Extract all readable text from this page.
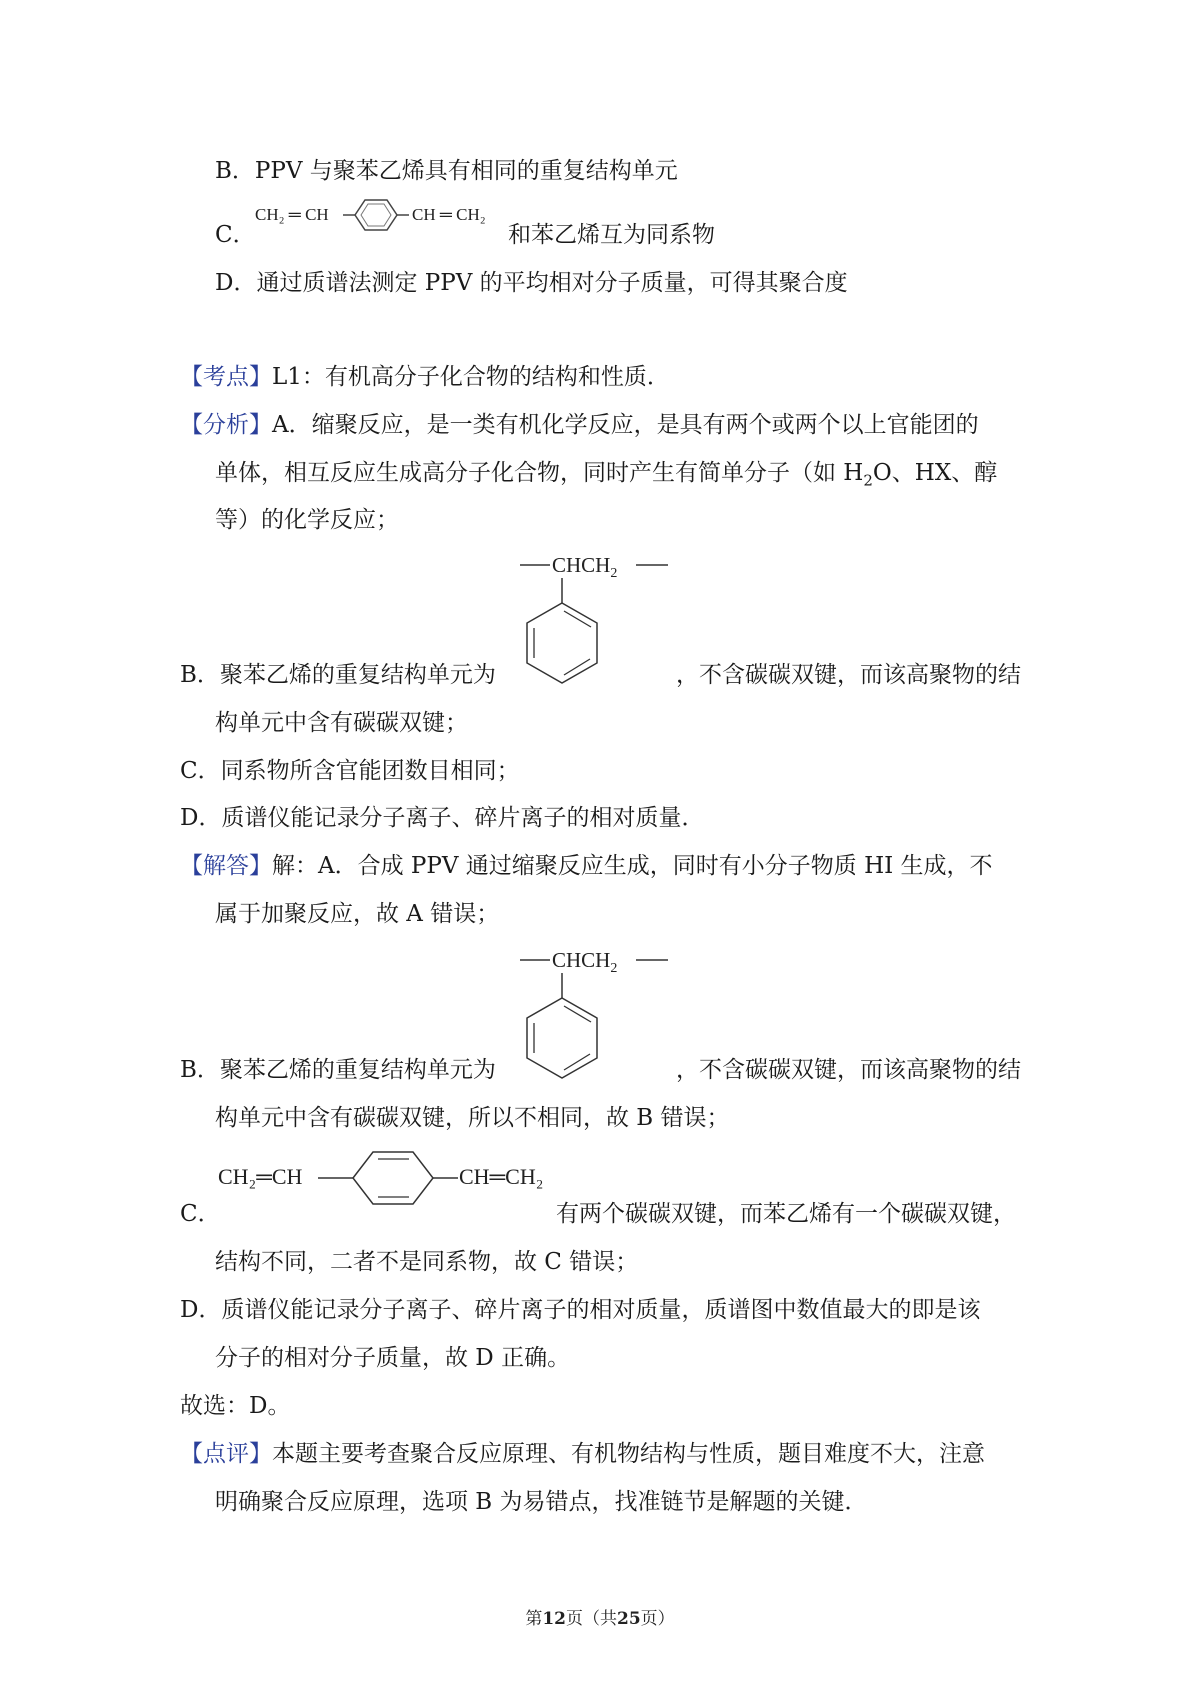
B．PPV 与聚苯乙烯具有相同的重复结构单元
C．
CH₂ ═ CH	CH ═ CH₂
和苯乙烯互为同系物
D．通过质谱法测定 PPV 的平均相对分子质量，可得其聚合度
【考点】L1：有机高分子化合物的结构和性质．
【分析】A．缩聚反应，是一类有机化学反应，是具有两个或两个以上官能团的
单体，相互反应生成高分子化合物，同时产生有简单分子（如 $H_2O$、HX、醇
等）的化学反应；
$CHCH_2$
B．聚苯乙烯的重复结构单元为	，不含碳碳双键，而该高聚物的结
构单元中含有碳碳双键；
C．同系物所含官能团数目相同；
D．质谱仪能记录分子离子、碎片离子的相对质量．
【解答】解：A．合成 PPV 通过缩聚反应生成，同时有小分子物质 HI 生成，不
属于加聚反应，故 A 错误；
$CHCH_2$
B．聚苯乙烯的重复结构单元为	，不含碳碳双键，而该高聚物的结
构单元中含有碳碳双键，所以不相同，故 B 错误；
CH₂═CH	CH═CH₂
C．	有两个碳碳双键，而苯乙烯有一个碳碳双键，
结构不同，二者不是同系物，故 C 错误；
D．质谱仪能记录分子离子、碎片离子的相对质量，质谱图中数值最大的即是该
分子的相对分子质量，故 D 正确。
故选：D。
【点评】本题主要考查聚合反应原理、有机物结构与性质，题目难度不大，注意
明确聚合反应原理，选项 B 为易错点，找准链节是解题的关键．
第12页（共25页）
